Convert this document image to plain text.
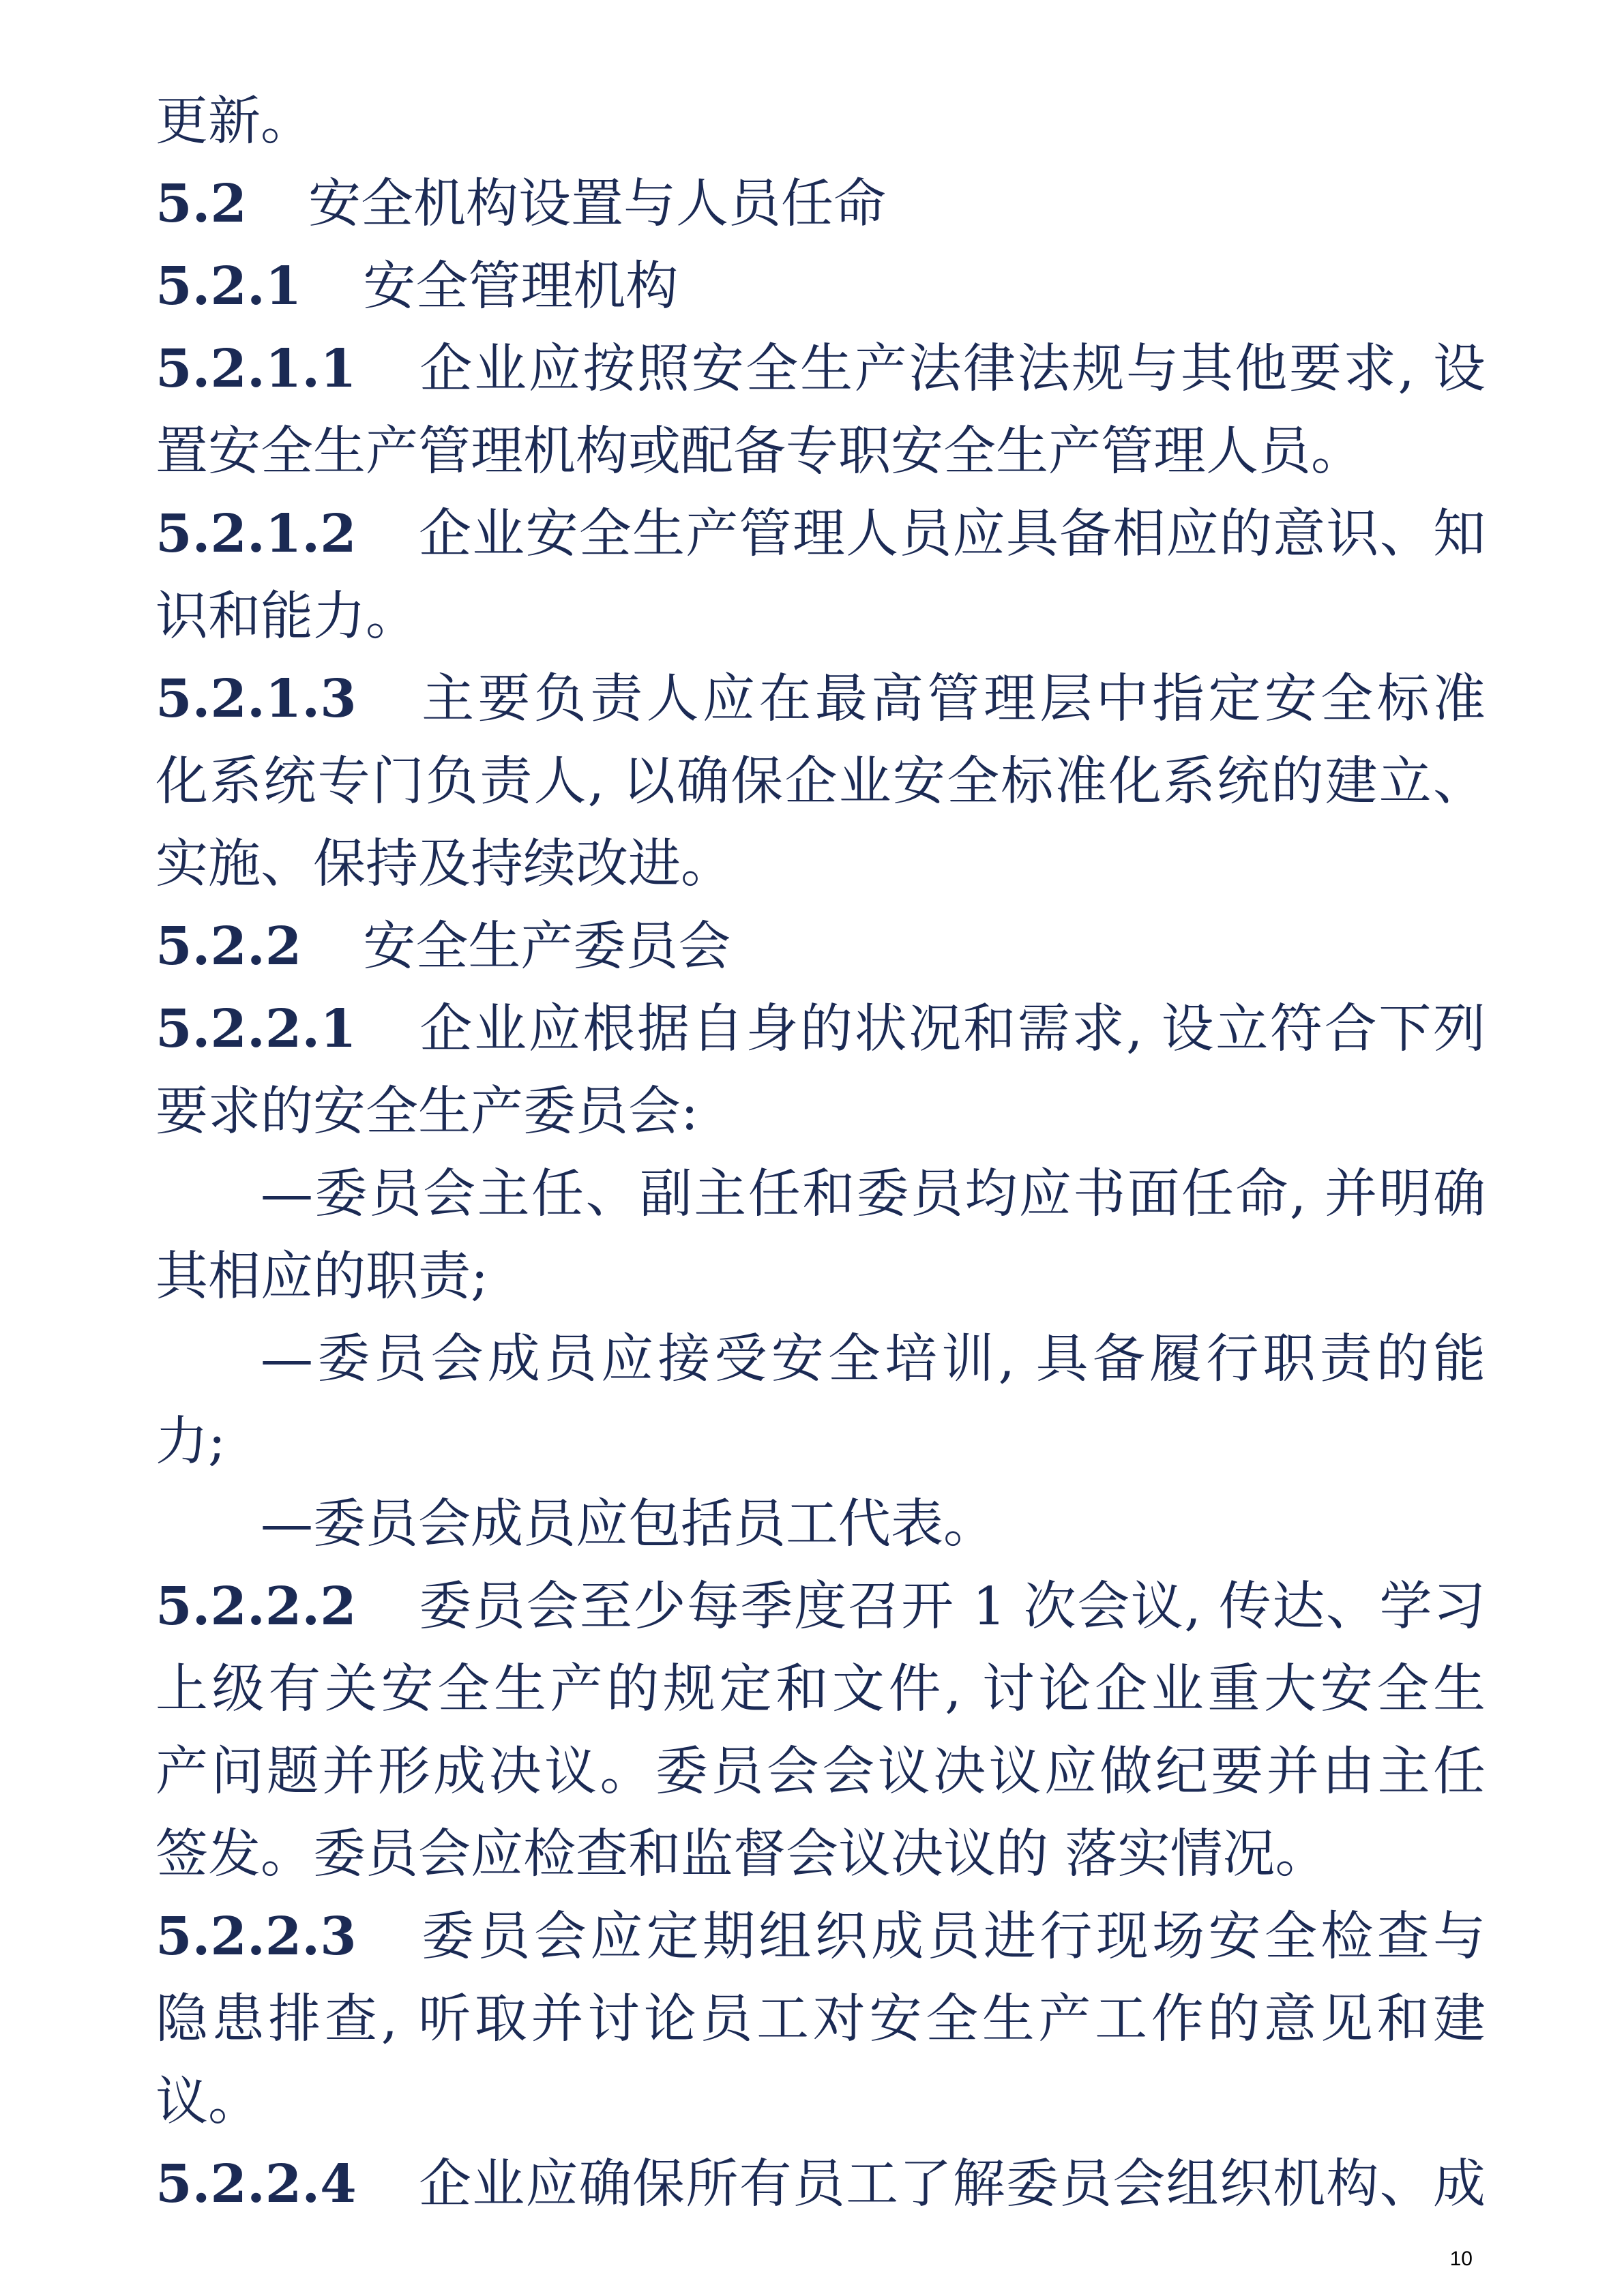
更新。
5.2 安全机构设置与人员任命
5.2.1 安全管理机构
5.2.1.1 企业应按照安全生产法律法规与其他要求, 设
置安全生产管理机构或配备专职安全生产管理人员。
5.2.1.2 企业安全生产管理人员应具备相应的意识、知
识和能力。
5.2.1.3 主要负责人应在最高管理层中指定安全标准
化系统专门负责人, 以确保企业安全标准化系统的建立、
实施、保持及持续改进。
5.2.2 安全生产委员会
5.2.2.1 企业应根据自身的状况和需求, 设立符合下列
要求的安全生产委员会:
—委员会主任、副主任和委员均应书面任命, 并明确
其相应的职责;
—委员会成员应接受安全培训, 具备履行职责的能
力;
—委员会成员应包括员工代表。
5.2.2.2 委员会至少每季度召开 1 次会议, 传达、学习
上级有关安全生产的规定和文件, 讨论企业重大安全生
产问题并形成决议。委员会会议决议应做纪要并由主任
签发。委员会应检查和监督会议决议的 落实情况。
5.2.2.3 委员会应定期组织成员进行现场安全检查与
隐患排查, 听取并讨论员工对安全生产工作的意见和建
议。
5.2.2.4 企业应确保所有员工了解委员会组织机构、成
10
